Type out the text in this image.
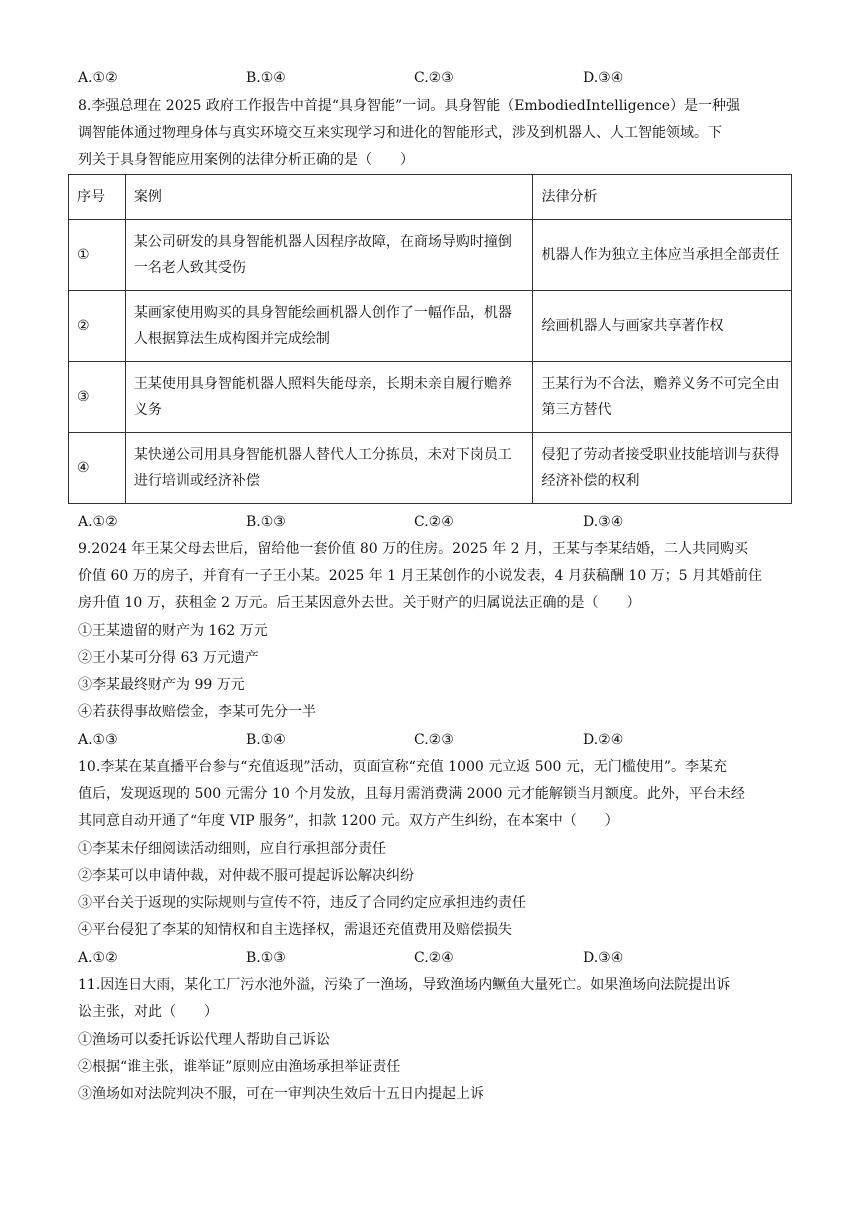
A.①②	B.①④	C.②③	D.③④
8.李强总理在 2025 政府工作报告中首提“具身智能”一词。具身智能（EmbodiedIntelligence）是一种强
调智能体通过物理身体与真实环境交互来实现学习和进化的智能形式，涉及到机器人、人工智能领域。下
列关于具身智能应用案例的法律分析正确的是（　　）
序号	案例	法律分析
①	某公司研发的具身智能机器人因程序故障，在商场导购时撞倒一名老人致其受伤	机器人作为独立主体应当承担全部责任

②	某画家使用购买的具身智能绘画机器人创作了一幅作品，机器人根据算法生成构图并完成绘制	绘画机器人与画家共享著作权

③	王某使用具身智能机器人照料失能母亲，长期未亲自履行赡养义务	王某行为不合法，赡养义务不可完全由第三方替代

④	某快递公司用具身智能机器人替代人工分拣员，未对下岗员工进行培训或经济补偿	侵犯了劳动者接受职业技能培训与获得经济补偿的权利
A.①②	B.①③	C.②④	D.③④
9.2024 年王某父母去世后，留给他一套价值 80 万的住房。2025 年 2 月，王某与李某结婚，二人共同购买
价值 60 万的房子，并育有一子王小某。2025 年 1 月王某创作的小说发表，4 月获稿酬 10 万；5 月其婚前住
房升值 10 万，获租金 2 万元。后王某因意外去世。关于财产的归属说法正确的是（　　）
①王某遗留的财产为 162 万元
②王小某可分得 63 万元遗产
③李某最终财产为 99 万元
④若获得事故赔偿金，李某可先分一半
A.①③	B.①④	C.②③	D.②④
10.李某在某直播平台参与“充值返现”活动，页面宣称“充值 1000 元立返 500 元，无门槛使用”。李某充
值后，发现返现的 500 元需分 10 个月发放，且每月需消费满 2000 元才能解锁当月额度。此外，平台未经
其同意自动开通了“年度 VIP 服务”，扣款 1200 元。双方产生纠纷，在本案中（　　）
①李某未仔细阅读活动细则，应自行承担部分责任
②李某可以申请仲裁，对仲裁不服可提起诉讼解决纠纷
③平台关于返现的实际规则与宣传不符，违反了合同约定应承担违约责任
④平台侵犯了李某的知情权和自主选择权，需退还充值费用及赔偿损失
A.①②	B.①③	C.②④	D.③④
11.因连日大雨，某化工厂污水池外溢，污染了一渔场，导致渔场内鳜鱼大量死亡。如果渔场向法院提出诉
讼主张，对此（　　）
①渔场可以委托诉讼代理人帮助自己诉讼
②根据“谁主张，谁举证”原则应由渔场承担举证责任
③渔场如对法院判决不服，可在一审判决生效后十五日内提起上诉
